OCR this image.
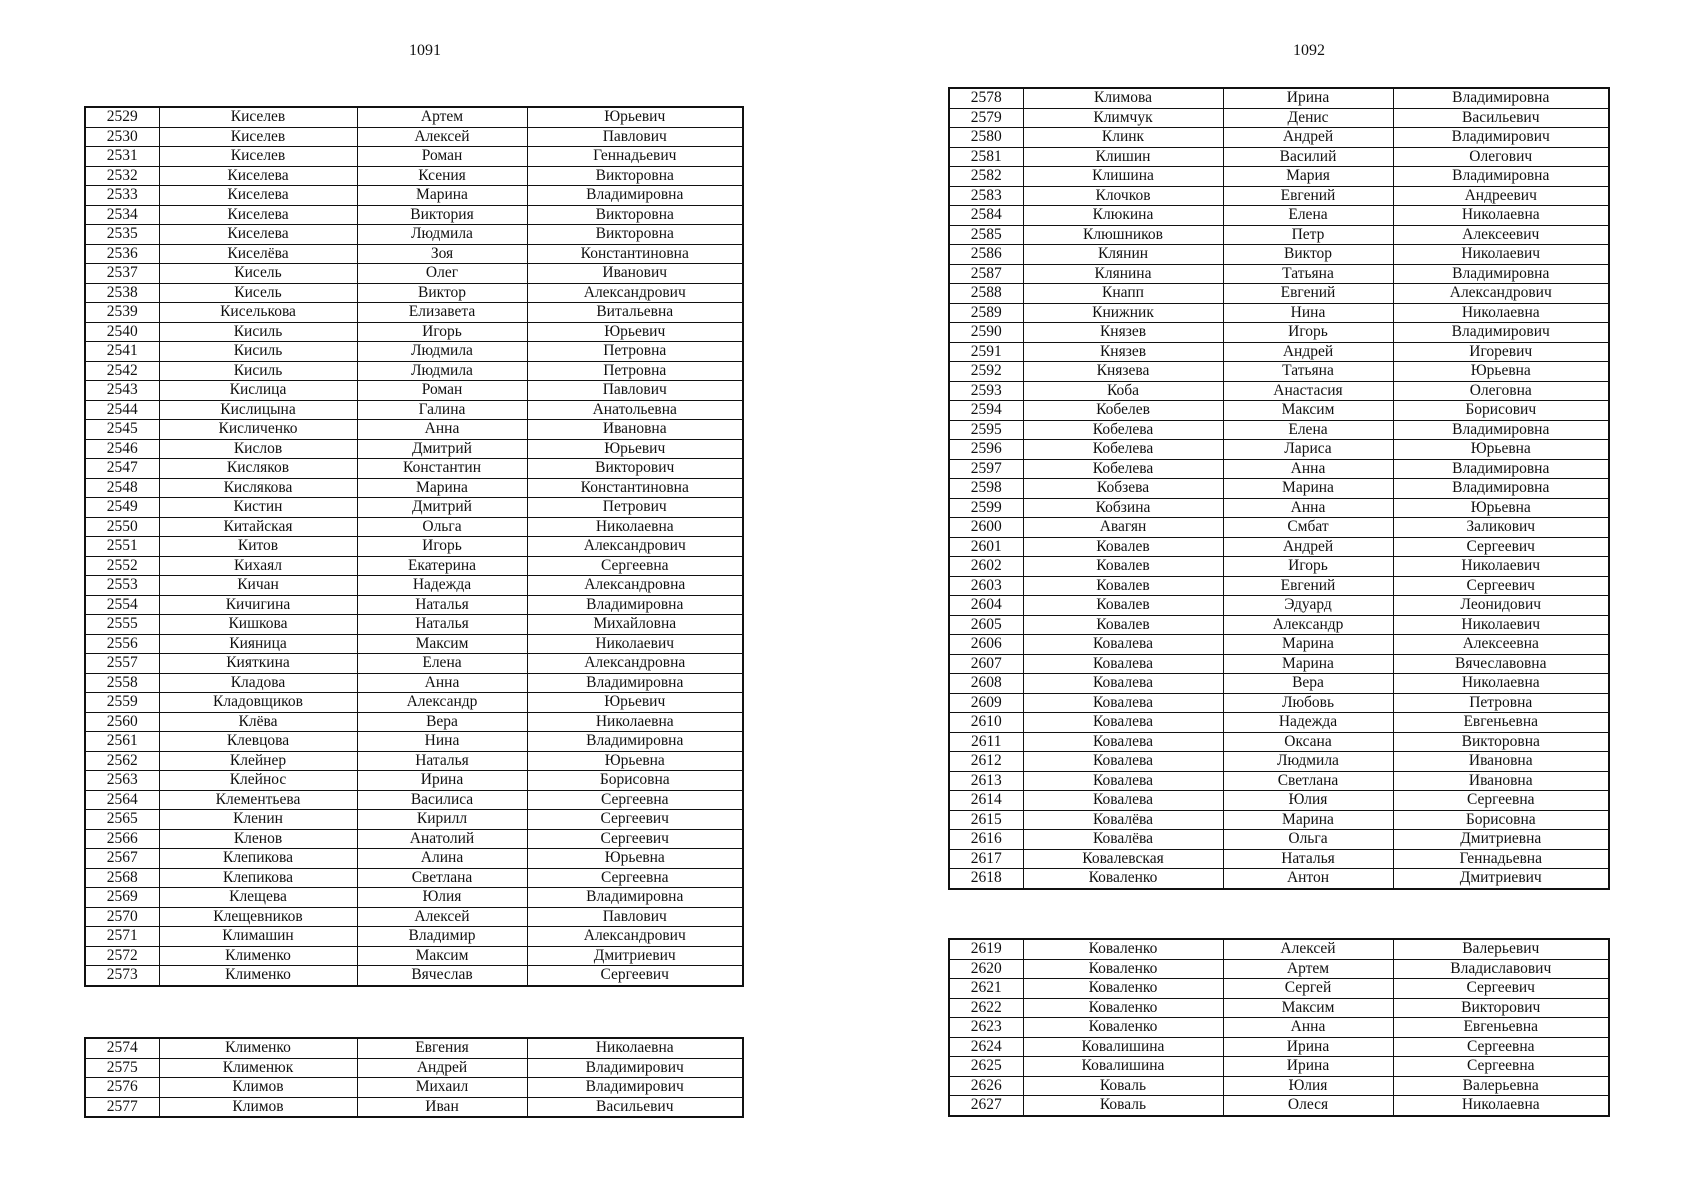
1091	1092
2529	Киселев	Артем	Юрьевич
2530	Киселев	Алексей	Павлович
2531	Киселев	Роман	Геннадьевич
2532	Киселева	Ксения	Викторовна
2533	Киселева	Марина	Владимировна
2534	Киселева	Виктория	Викторовна
2535	Киселева	Людмила	Викторовна
2536	Киселёва	Зоя	Константиновна
2537	Кисель	Олег	Иванович
2538	Кисель	Виктор	Александрович
2539	Киселькова	Елизавета	Витальевна
2540	Кисиль	Игорь	Юрьевич
2541	Кисиль	Людмила	Петровна
2542	Кисиль	Людмила	Петровна
2543	Кислица	Роман	Павлович
2544	Кислицына	Галина	Анатольевна
2545	Кисличенко	Анна	Ивановна
2546	Кислов	Дмитрий	Юрьевич
2547	Кисляков	Константин	Викторович
2548	Кислякова	Марина	Константиновна
2549	Кистин	Дмитрий	Петрович
2550	Китайская	Ольга	Николаевна
2551	Китов	Игорь	Александрович
2552	Кихаял	Екатерина	Сергеевна
2553	Кичан	Надежда	Александровна
2554	Кичигина	Наталья	Владимировна
2555	Кишкова	Наталья	Михайловна
2556	Кияница	Максим	Николаевич
2557	Кияткина	Елена	Александровна
2558	Кладова	Анна	Владимировна
2559	Кладовщиков	Александр	Юрьевич
2560	Клёва	Вера	Николаевна
2561	Клевцова	Нина	Владимировна
2562	Клейнер	Наталья	Юрьевна
2563	Клейнос	Ирина	Борисовна
2564	Клементьева	Василиса	Сергеевна
2565	Кленин	Кирилл	Сергеевич
2566	Кленов	Анатолий	Сергеевич
2567	Клепикова	Алина	Юрьевна
2568	Клепикова	Светлана	Сергеевна
2569	Клещева	Юлия	Владимировна
2570	Клещевников	Алексей	Павлович
2571	Климашин	Владимир	Александрович
2572	Клименко	Максим	Дмитриевич
2573	Клименко	Вячеслав	Сергеевич
2574	Клименко	Евгения	Николаевна
2575	Клименюк	Андрей	Владимирович
2576	Климов	Михаил	Владимирович
2577	Климов	Иван	Васильевич
2578	Климова	Ирина	Владимировна
2579	Климчук	Денис	Васильевич
2580	Клинк	Андрей	Владимирович
2581	Клишин	Василий	Олегович
2582	Клишина	Мария	Владимировна
2583	Клочков	Евгений	Андреевич
2584	Клюкина	Елена	Николаевна
2585	Клюшников	Петр	Алексеевич
2586	Клянин	Виктор	Николаевич
2587	Клянина	Татьяна	Владимировна
2588	Кнапп	Евгений	Александрович
2589	Книжник	Нина	Николаевна
2590	Князев	Игорь	Владимирович
2591	Князев	Андрей	Игоревич
2592	Князева	Татьяна	Юрьевна
2593	Коба	Анастасия	Олеговна
2594	Кобелев	Максим	Борисович
2595	Кобелева	Елена	Владимировна
2596	Кобелева	Лариса	Юрьевна
2597	Кобелева	Анна	Владимировна
2598	Кобзева	Марина	Владимировна
2599	Кобзина	Анна	Юрьевна
2600	Авагян	Смбат	Заликович
2601	Ковалев	Андрей	Сергеевич
2602	Ковалев	Игорь	Николаевич
2603	Ковалев	Евгений	Сергеевич
2604	Ковалев	Эдуард	Леонидович
2605	Ковалев	Александр	Николаевич
2606	Ковалева	Марина	Алексеевна
2607	Ковалева	Марина	Вячеславовна
2608	Ковалева	Вера	Николаевна
2609	Ковалева	Любовь	Петровна
2610	Ковалева	Надежда	Евгеньевна
2611	Ковалева	Оксана	Викторовна
2612	Ковалева	Людмила	Ивановна
2613	Ковалева	Светлана	Ивановна
2614	Ковалева	Юлия	Сергеевна
2615	Ковалёва	Марина	Борисовна
2616	Ковалёва	Ольга	Дмитриевна
2617	Ковалевская	Наталья	Геннадьевна
2618	Коваленко	Антон	Дмитриевич
2619	Коваленко	Алексей	Валерьевич
2620	Коваленко	Артем	Владиславович
2621	Коваленко	Сергей	Сергеевич
2622	Коваленко	Максим	Викторович
2623	Коваленко	Анна	Евгеньевна
2624	Ковалишина	Ирина	Сергеевна
2625	Ковалишина	Ирина	Сергеевна
2626	Коваль	Юлия	Валерьевна
2627	Коваль	Олеся	Николаевна
